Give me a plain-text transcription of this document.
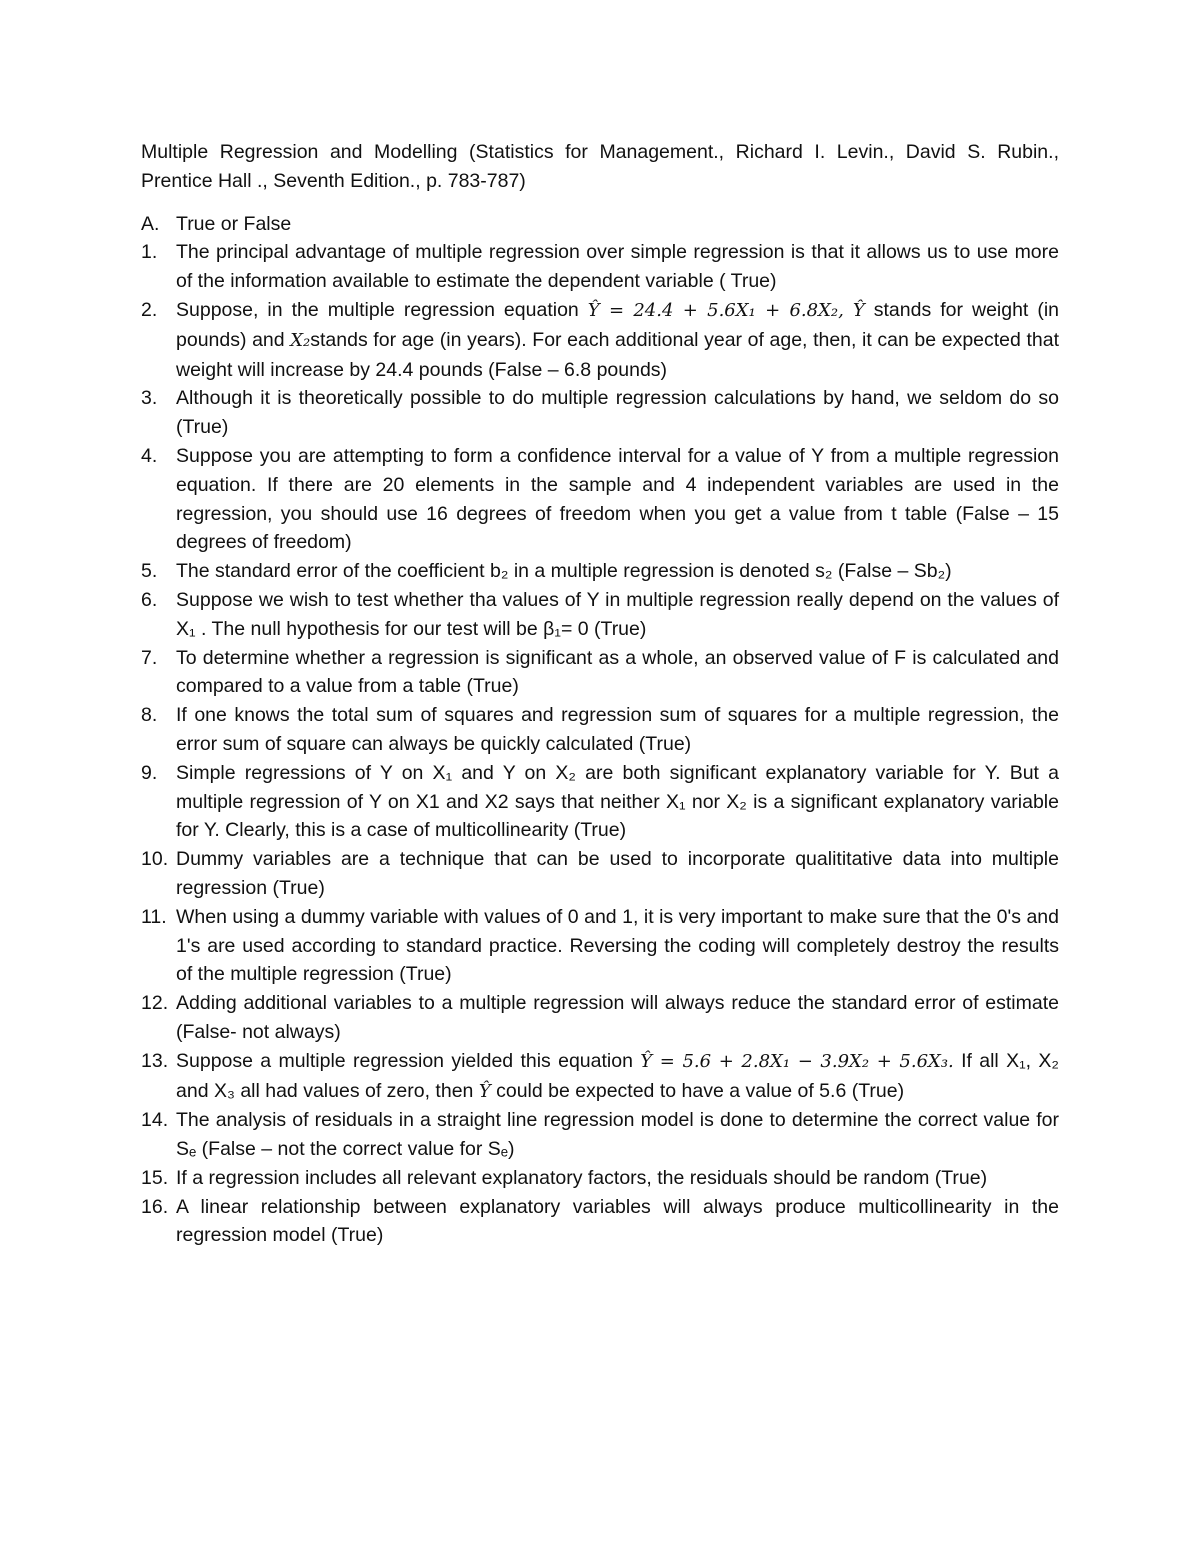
Multiple Regression and Modelling (Statistics for Management., Richard I. Levin., David S. Rubin., Prentice Hall ., Seventh Edition., p. 783-787)
A. True or False
1. The principal advantage of multiple regression over simple regression is that it allows us to use more of the information available to estimate the dependent variable ( True)
2. Suppose, in the multiple regression equation Ŷ = 24.4 + 5.6X₁ + 6.8X₂, Ŷ stands for weight (in pounds) and X₂stands for age (in years). For each additional year of age, then, it can be expected that weight will increase by 24.4 pounds (False – 6.8 pounds)
3. Although it is theoretically possible to do multiple regression calculations by hand, we seldom do so (True)
4. Suppose you are attempting to form a confidence interval for a value of Y from a multiple regression equation. If there are 20 elements in the sample and 4 independent variables are used in the regression, you should use 16 degrees of freedom when you get a value from t table (False – 15 degrees of freedom)
5. The standard error of the coefficient b₂ in a multiple regression is denoted s₂ (False – Sb₂)
6. Suppose we wish to test whether tha values of Y in multiple regression really depend on the values of X₁ . The null hypothesis for our test will be β₁= 0 (True)
7. To determine whether a regression is significant as a whole, an observed value of F is calculated and compared to a value from a table (True)
8. If one knows the total sum of squares and regression sum of squares for a multiple regression, the error sum of square can always be quickly calculated (True)
9. Simple regressions of Y on X₁ and Y on X₂ are both significant explanatory variable for Y. But a multiple regression of Y on X1 and X2 says that neither X₁ nor X₂ is a significant explanatory variable for Y. Clearly, this is a case of multicollinearity (True)
10. Dummy variables are a technique that can be used to incorporate qualititative data into multiple regression (True)
11. When using a dummy variable with values of 0 and 1, it is very important to make sure that the 0's and 1's are used according to standard practice. Reversing the coding will completely destroy the results of the multiple regression (True)
12. Adding additional variables to a multiple regression will always reduce the standard error of estimate (False- not always)
13. Suppose a multiple regression yielded this equation Ŷ = 5.6 + 2.8X₁ − 3.9X₂ + 5.6X₃. If all X₁, X₂ and X₃ all had values of zero, then Ŷ could be expected to have a value of 5.6 (True)
14. The analysis of residuals in a straight line regression model is done to determine the correct value for Sₑ (False – not the correct value for Sₑ)
15. If a regression includes all relevant explanatory factors, the residuals should be random (True)
16. A linear relationship between explanatory variables will always produce multicollinearity in the regression model (True)
